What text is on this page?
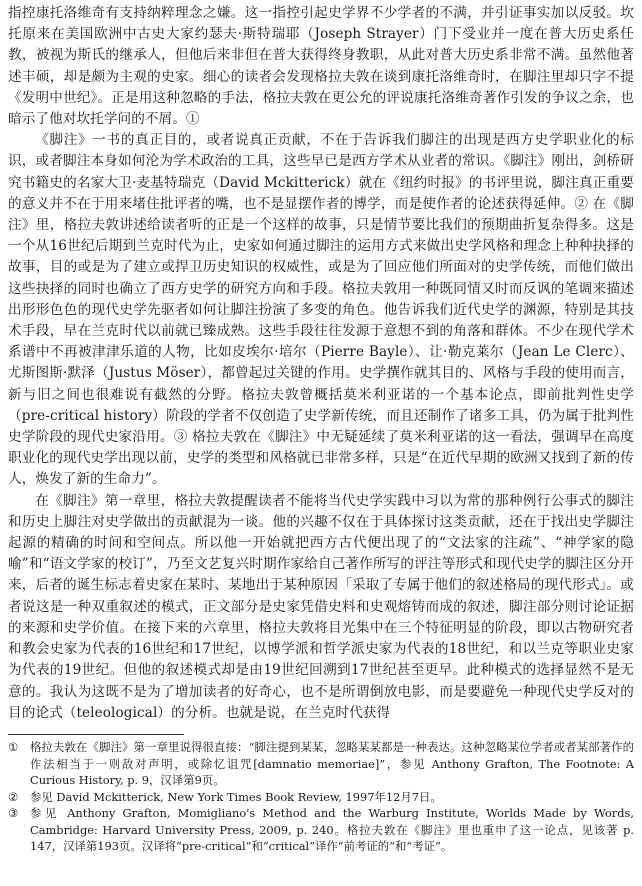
指控康托洛维奇有支持纳粹理念之嫌。这一指控引起史学界不少学者的不满，并引证事实加以反驳。坎托原来在美国欧洲中古史大家约瑟夫·斯特瑞耶（Joseph Strayer）门下受业并一度在普大历史系任教，被视为斯氏的继承人，但他后来非但在普大获得终身教职，从此对普大历史系非常不满。虽然他著述丰硕，却是颇为主观的史家。细心的读者会发现格拉夫敦在谈到康托洛维奇时，在脚注里却只字不提《发明中世纪》。正是用这种忽略的手法，格拉夫敦在更公允的评说康托洛维奇著作引发的争议之余，也暗示了他对坎托学问的不屑。①

《脚注》一书的真正目的，或者说真正贡献，不在于告诉我们脚注的出现是西方史学职业化的标识，或者脚注本身如何沦为学术政治的工具，这些早已是西方学术从业者的常识。《脚注》刚出，剑桥研究书籍史的名家大卫·麦基特瑞克（David Mckitterick）就在《纽约时报》的书评里说，脚注真正重要的意义并不在于用来堵住批评者的嘴，也不是显摆作者的博学，而是使作者的论述获得延伸。② 在《脚注》里，格拉夫敦讲述给读者听的正是一个这样的故事，只是情节要比我们的预期曲折复杂得多。这是一个从16世纪后期到兰克时代为止，史家如何通过脚注的运用方式来做出史学风格和理念上种种抉择的故事，目的或是为了建立或捍卫历史知识的权威性，或是为了回应他们所面对的史学传统，而他们做出这些抉择的同时也确立了西方史学的研究方向和手段。格拉夫敦用一种既同情又时而反讽的笔调来描述出形形色色的现代史学先驱者如何让脚注扮演了多变的角色。他告诉我们近代史学的渊源，特别是其技术手段，早在兰克时代以前就已臻成熟。这些手段往往发源于意想不到的角落和群体。不少在现代学术系谱中不再被津津乐道的人物，比如皮埃尔·培尔（Pierre Bayle）、让·勒克莱尔（Jean Le Clerc）、尤斯图斯·默泽（Justus Möser），都曾起过关键的作用。史学撰作就其目的、风格与手段的使用而言，新与旧之间也很难说有截然的分野。格拉夫敦曾概括莫米利亚诺的一个基本论点，即前批判性史学（pre-critical history）阶段的学者不仅创造了史学新传统，而且还制作了诸多工具，仍为属于批判性史学阶段的现代史家沿用。③ 格拉夫敦在《脚注》中无疑延续了莫米利亚诺的这一看法，强调早在高度职业化的现代史学出现以前，史学的类型和风格就已非常多样，只是“在近代早期的欧洲又找到了新的传人，焕发了新的生命力”。

在《脚注》第一章里，格拉夫敦提醒读者不能将当代史学实践中习以为常的那种例行公事式的脚注和历史上脚注对史学做出的贡献混为一谈。他的兴趣不仅在于具体探讨这类贡献，还在于找出史学脚注起源的精确的时间和空间点。所以他一开始就把西方古代便出现了的“文法家的注疏”、“神学家的隐喻”和“语文学家的校订”，乃至文艺复兴时期作家给自己著作所写的评注等形式和现代史学的脚注区分开来，后者的诞生标志着史家在某时、某地出于某种原因「采取了专属于他们的叙述格局的现代形式」。或者说这是一种双重叙述的模式，正文部分是史家凭借史料和史观熔铸而成的叙述，脚注部分则讨论证据的来源和史学价值。在接下来的六章里，格拉夫敦将目光集中在三个特征明显的阶段，即以古物研究者和教会史家为代表的16世纪和17世纪，以博学派和哲学派史家为代表的18世纪，和以兰克等职业史家为代表的19世纪。但他的叙述模式却是由19世纪回溯到17世纪甚至更早。此种模式的选择显然不是无意的。我认为这既不是为了增加读者的好奇心，也不是所谓倒放电影，而是要避免一种现代史学反对的目的论式（teleological）的分析。也就是说，在兰克时代获得

①	格拉夫敦在《脚注》第一章里说得很直接：“脚注提到某某，忽略某某都是一种表达。这种忽略某位学者或者某部著作的作法相当于一则敌对声明，或除忆诅咒[damnatio memoriae]”，参见 Anthony Grafton, The Footnote: A Curious History, p. 9，汉译第9页。
②	参见 David Mckitterick, New York Times Book Review, 1997年12月7日。
③	参见 Anthony Grafton, Momigliano's Method and the Warburg Institute, Worlds Made by Words, Cambridge: Harvard University Press, 2009, p. 240。格拉夫敦在《脚注》里也重申了这一论点，见该著 p. 147，汉译第193页。汉译将“pre-critical”和“critical”译作“前考证的”和“考证”。
